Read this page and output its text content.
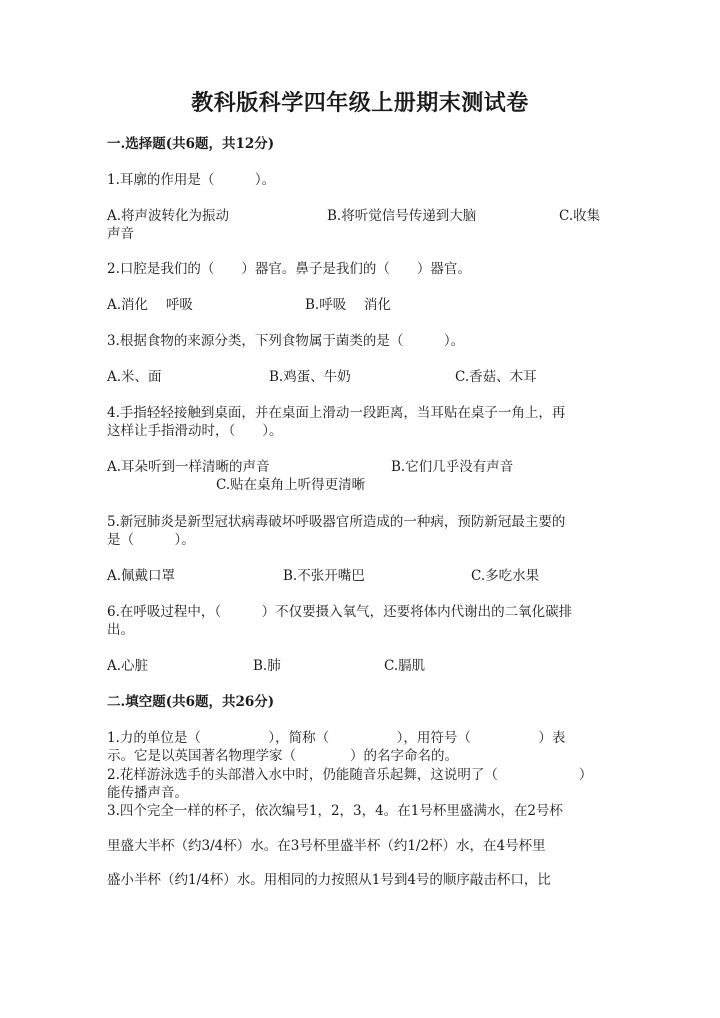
教科版科学四年级上册期末测试卷
一.选择题(共6题，共12分)
1.耳廓的作用是（　　　）。
A.将声波转化为振动	B.将听觉信号传递到大脑	C.收集
声音
2.口腔是我们的（　　）器官。鼻子是我们的（　　）器官。
A.消化　 呼吸	B.呼吸　 消化
3.根据食物的来源分类，下列食物属于菌类的是（　　　）。
A.米、面	B.鸡蛋、牛奶	C.香菇、木耳
4.手指轻轻接触到桌面，并在桌面上滑动一段距离，当耳贴在桌子一角上，再
这样让手指滑动时，（　　）。
A.耳朵听到一样清晰的声音	B.它们几乎没有声音
C.贴在桌角上听得更清晰
5.新冠肺炎是新型冠状病毒破坏呼吸器官所造成的一种病，预防新冠最主要的
是（　　　）。
A.佩戴口罩	B.不张开嘴巴	C.多吃水果
6.在呼吸过程中，（　　　）不仅要摄入氧气，还要将体内代谢出的二氧化碳排
出。
A.心脏	B.肺	C.膈肌
二.填空题(共6题，共26分)
1.力的单位是（　　　　　），简称（　　　　　），用符号（　　　　　）表
示。它是以英国著名物理学家（　　　　）的名字命名的。
2.花样游泳选手的头部潜入水中时，仍能随音乐起舞，这说明了（　　　　　　）
能传播声音。
3.四个完全一样的杯子，依次编号1，2，3，4。在1号杯里盛满水，在2号杯
里盛大半杯（约3/4杯）水。在3号杯里盛半杯（约1/2杯）水，在4号杯里
盛小半杯（约1/4杯）水。用相同的力按照从1号到4号的顺序敲击杯口，比
